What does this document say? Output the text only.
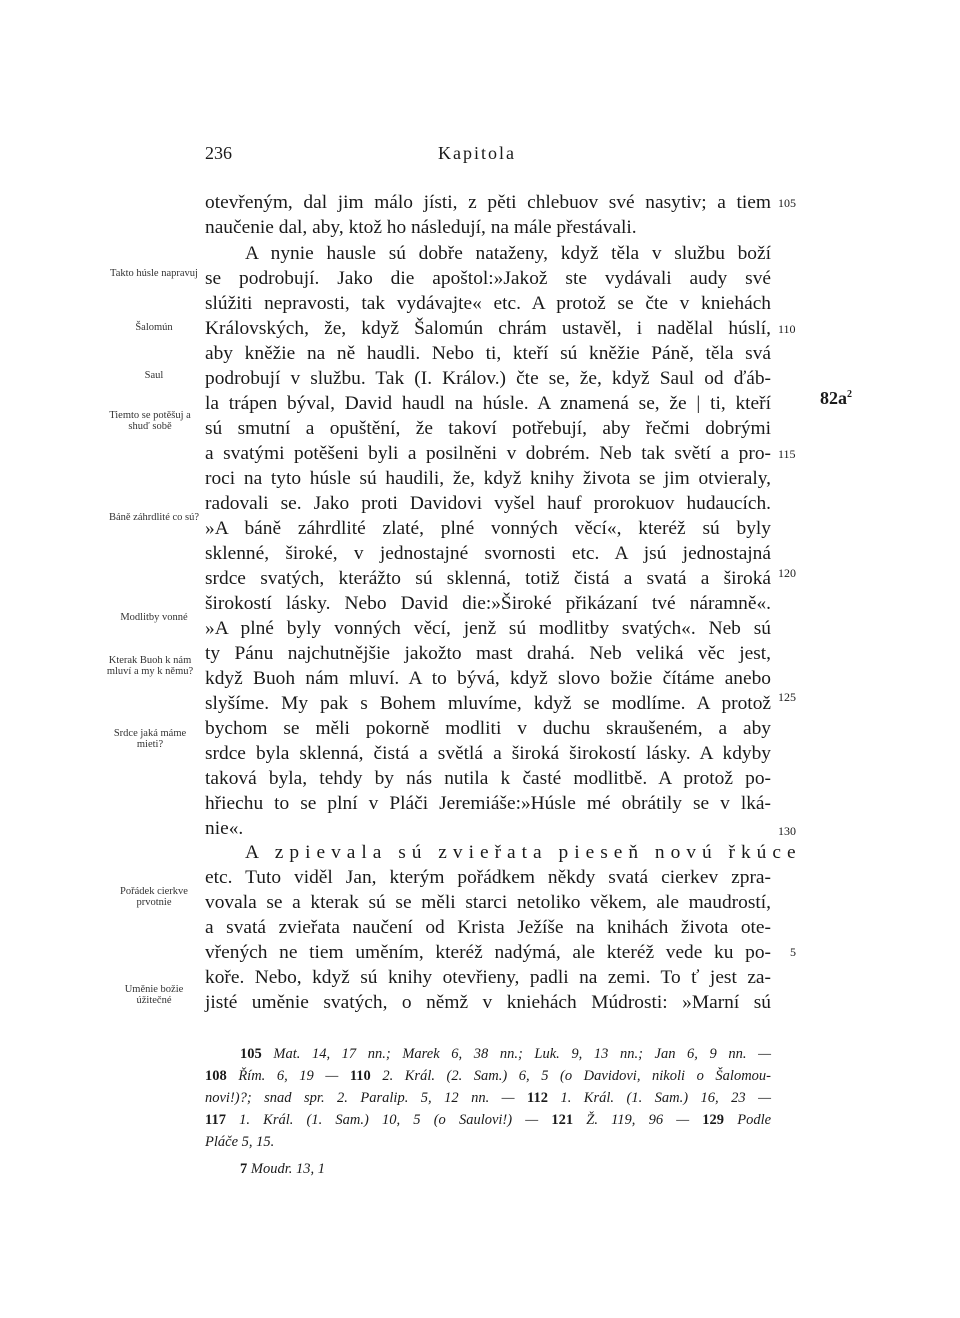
236	Kapitola
Takto húsle napravuj
Šalomún
Saul
Tiemto se potěšuj a shuď sobě
Báně záhrdlité co sú?
Modlitby vonné
Kterak Buoh k nám mluví a my k němu?
Srdce jaká máme mieti?
Pořádek cierkve prvotnie
Uměnie božie úžitečné
otevřeným, dal jim málo jísti, z pěti chlebuov své nasytiv; a tiem
naučenie dal, aby, ktož ho následují, na mále přestávali.
A nynie hausle sú dobře nataženy, když těla v službu boží
se podrobují. Jako die apoštol:»Jakož ste vydávali audy své
slúžiti nepravosti, tak vydávajte« etc. A protož se čte v kniehách
Královských, že, když Šalomún chrám ustavěl, i nadělal húslí,
aby kněžie na ně haudli. Nebo ti, kteří sú kněžie Páně, těla svá
podrobují v službu. Tak (I. Králov.) čte se, že, když Saul od ďáb-
la trápen býval, David haudl na húsle. A znamená se, že | ti, kteří
sú smutní a opuštění, že takoví potřebují, aby řečmi dobrými
a svatými potěšeni byli a posilněni v dobrém. Neb tak světí a pro-
roci na tyto húsle sú haudili, že, když knihy života se jim otvieraly,
radovali se. Jako proti Davidovi vyšel hauf prorokuov hudaucích.
»A báně záhrdlité zlaté, plné vonných věcí«, kteréž sú byly
sklenné, široké, v jednostajné svornosti etc. A jsú jednostajná
srdce svatých, kterážto sú sklenná, totiž čistá a svatá a široká
širokostí lásky. Nebo David die:»Široké přikázaní tvé náramně«.
»A plné byly vonných věcí, jenž sú modlitby svatých«. Neb sú
ty Pánu najchutnějšie jakožto mast drahá. Neb veliká věc jest,
když Buoh nám mluví. A to bývá, když slovo božie čítáme anebo
slyšíme. My pak s Bohem mluvíme, když se modlíme. A protož
bychom se měli pokorně modliti v duchu skraušeném, a aby
srdce byla sklenná, čistá a světlá a široká širokostí lásky. A kdyby
taková byla, tehdy by nás nutila k časté modlitbě. A protož po-
hřiechu to se plní v Pláči Jeremiáše:»Húsle mé obrátily se v lká-
nie«.
105
110
$82a^2$
115
120
125
130
5
A zpievala sú zvieřata pieseň novú řkúce
etc. Tuto viděl Jan, kterým pořádkem někdy svatá cierkev zpra-
vovala se a kterak sú se měli starci netoliko věkem, ale maudrostí,
a svatá zvieřata naučení od Krista Ježíše na knihách života ote-
vřených ne tiem uměním, kteréž nadýmá, ale kteréž vede ku po-
koře. Nebo, když sú knihy otevřieny, padli na zemi. To ť jest za-
jisté uměnie svatých, o němž v kniehách Múdrosti: »Marní sú
105 Mat. 14, 17 nn.; Marek 6, 38 nn.; Luk. 9, 13 nn.; Jan 6, 9 nn. —
108 Řím. 6, 19 — 110 2. Král. (2. Sam.) 6, 5 (o Davidovi, nikoli o Šalomou-
novi!)?; snad spr. 2. Paralip. 5, 12 nn. — 112 1. Král. (1. Sam.) 16, 23 —
117 1. Král. (1. Sam.) 10, 5 (o Saulovi!) — 121 Ž. 119, 96 — 129 Podle
Pláče 5, 15.
7 Moudr. 13, 1
